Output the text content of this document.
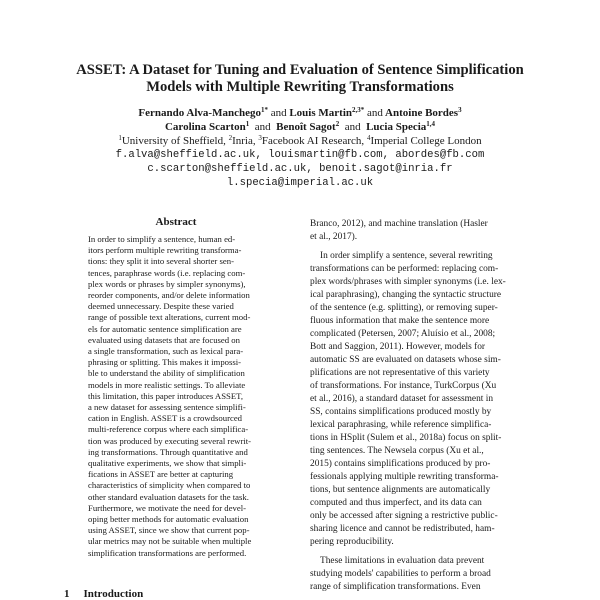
ASSET: A Dataset for Tuning and Evaluation of Sentence Simplification
Models with Multiple Rewriting Transformations
Fernando Alva-Manchego$^{1*}$ and Louis Martin$^{2,3*}$ and Antoine Bordes$^3$
Carolina Scarton$^1$ and Benoît Sagot$^2$ and Lucia Specia$^{1,4}$
$^1$University of Sheffield, $^2$Inria, $^3$Facebook AI Research, $^4$Imperial College London
f.alva@sheffield.ac.uk, louismartin@fb.com, abordes@fb.com
c.scarton@sheffield.ac.uk, benoit.sagot@inria.fr
l.specia@imperial.ac.uk
Abstract
In order to simplify a sentence, human ed-
itors perform multiple rewriting transforma-
tions: they split it into several shorter sen-
tences, paraphrase words (i.e. replacing com-
plex words or phrases by simpler synonyms),
reorder components, and/or delete information
deemed unnecessary. Despite these varied
range of possible text alterations, current mod-
els for automatic sentence simplification are
evaluated using datasets that are focused on
a single transformation, such as lexical para-
phrasing or splitting. This makes it impossi-
ble to understand the ability of simplification
models in more realistic settings. To alleviate
this limitation, this paper introduces ASSET,
a new dataset for assessing sentence simplifi-
cation in English. ASSET is a crowdsourced
multi-reference corpus where each simplifica-
tion was produced by executing several rewrit-
ing transformations. Through quantitative and
qualitative experiments, we show that simpli-
fications in ASSET are better at capturing
characteristics of simplicity when compared to
other standard evaluation datasets for the task.
Furthermore, we motivate the need for devel-
oping better methods for automatic evaluation
using ASSET, since we show that current pop-
ular metrics may not be suitable when multiple
simplification transformations are performed.
1 Introduction
Branco, 2012), and machine translation (Hasler
et al., 2017).
In order simplify a sentence, several rewriting
transformations can be performed: replacing com-
plex words/phrases with simpler synonyms (i.e. lex-
ical paraphrasing), changing the syntactic structure
of the sentence (e.g. splitting), or removing super-
fluous information that make the sentence more
complicated (Petersen, 2007; Aluísio et al., 2008;
Bott and Saggion, 2011). However, models for
automatic SS are evaluated on datasets whose sim-
plifications are not representative of this variety
of transformations. For instance, TurkCorpus (Xu
et al., 2016), a standard dataset for assessment in
SS, contains simplifications produced mostly by
lexical paraphrasing, while reference simplifica-
tions in HSplit (Sulem et al., 2018a) focus on split-
ting sentences. The Newsela corpus (Xu et al.,
2015) contains simplifications produced by pro-
fessionals applying multiple rewriting transforma-
tions, but sentence alignments are automatically
computed and thus imperfect, and its data can
only be accessed after signing a restrictive public-
sharing licence and cannot be redistributed, ham-
pering reproducibility.
These limitations in evaluation data prevent
studying models' capabilities to perform a broad
range of simplification transformations. Even
